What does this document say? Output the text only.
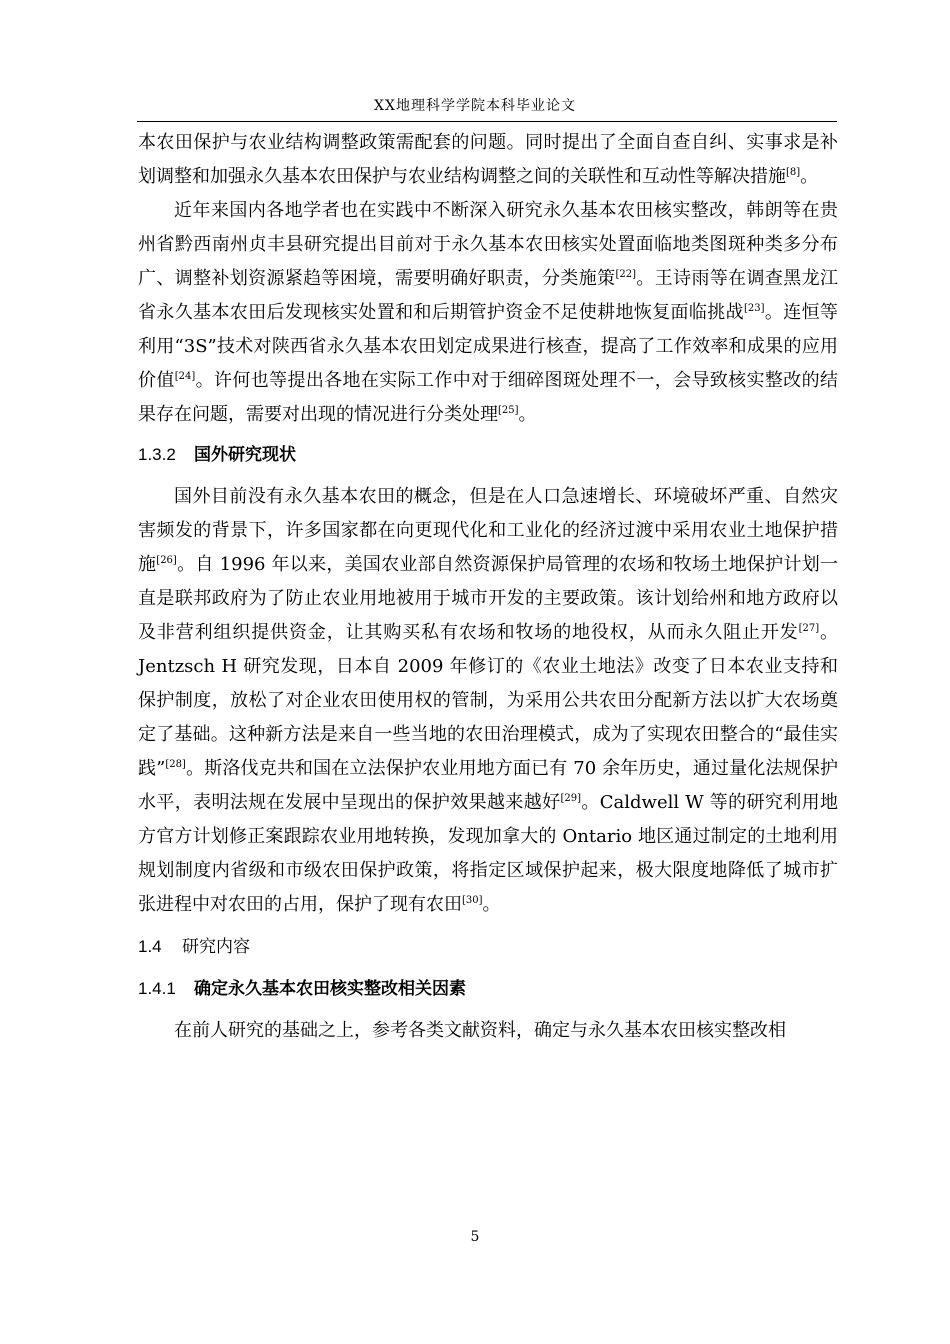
XX地理科学学院本科毕业论文

本农田保护与农业结构调整政策需配套的问题。同时提出了全面自查自纠、实事求是补划调整和加强永久基本农田保护与农业结构调整之间的关联性和互动性等解决措施[8]。

近年来国内各地学者也在实践中不断深入研究永久基本农田核实整改，韩朗等在贵州省黔西南州贞丰县研究提出目前对于永久基本农田核实处置面临地类图斑种类多分布广、调整补划资源紧趋等困境，需要明确好职责，分类施策[22]。王诗雨等在调查黑龙江省永久基本农田后发现核实处置和和后期管护资金不足使耕地恢复面临挑战[23]。连恒等利用“3S”技术对陕西省永久基本农田划定成果进行核查，提高了工作效率和成果的应用价值[24]。许何也等提出各地在实际工作中对于细碎图斑处理不一，会导致核实整改的结果存在问题，需要对出现的情况进行分类处理[25]。

1.3.2 国外研究现状

国外目前没有永久基本农田的概念，但是在人口急速增长、环境破坏严重、自然灾害频发的背景下，许多国家都在向更现代化和工业化的经济过渡中采用农业土地保护措施[26]。自 1996 年以来，美国农业部自然资源保护局管理的农场和牧场土地保护计划一直是联邦政府为了防止农业用地被用于城市开发的主要政策。该计划给州和地方政府以及非营利组织提供资金，让其购买私有农场和牧场的地役权，从而永久阻止开发[27]。Jentzsch H 研究发现，日本自 2009 年修订的《农业土地法》改变了日本农业支持和保护制度，放松了对企业农田使用权的管制，为采用公共农田分配新方法以扩大农场奠定了基础。这种新方法是来自一些当地的农田治理模式，成为了实现农田整合的“最佳实践”[28]。斯洛伐克共和国在立法保护农业用地方面已有 70 余年历史，通过量化法规保护水平，表明法规在发展中呈现出的保护效果越来越好[29]。Caldwell W 等的研究利用地方官方计划修正案跟踪农业用地转换，发现加拿大的 Ontario 地区通过制定的土地利用规划制度内省级和市级农田保护政策，将指定区域保护起来，极大限度地降低了城市扩张进程中对农田的占用，保护了现有农田[30]。

1.4 研究内容

1.4.1 确定永久基本农田核实整改相关因素

在前人研究的基础之上，参考各类文献资料，确定与永久基本农田核实整改相

5
